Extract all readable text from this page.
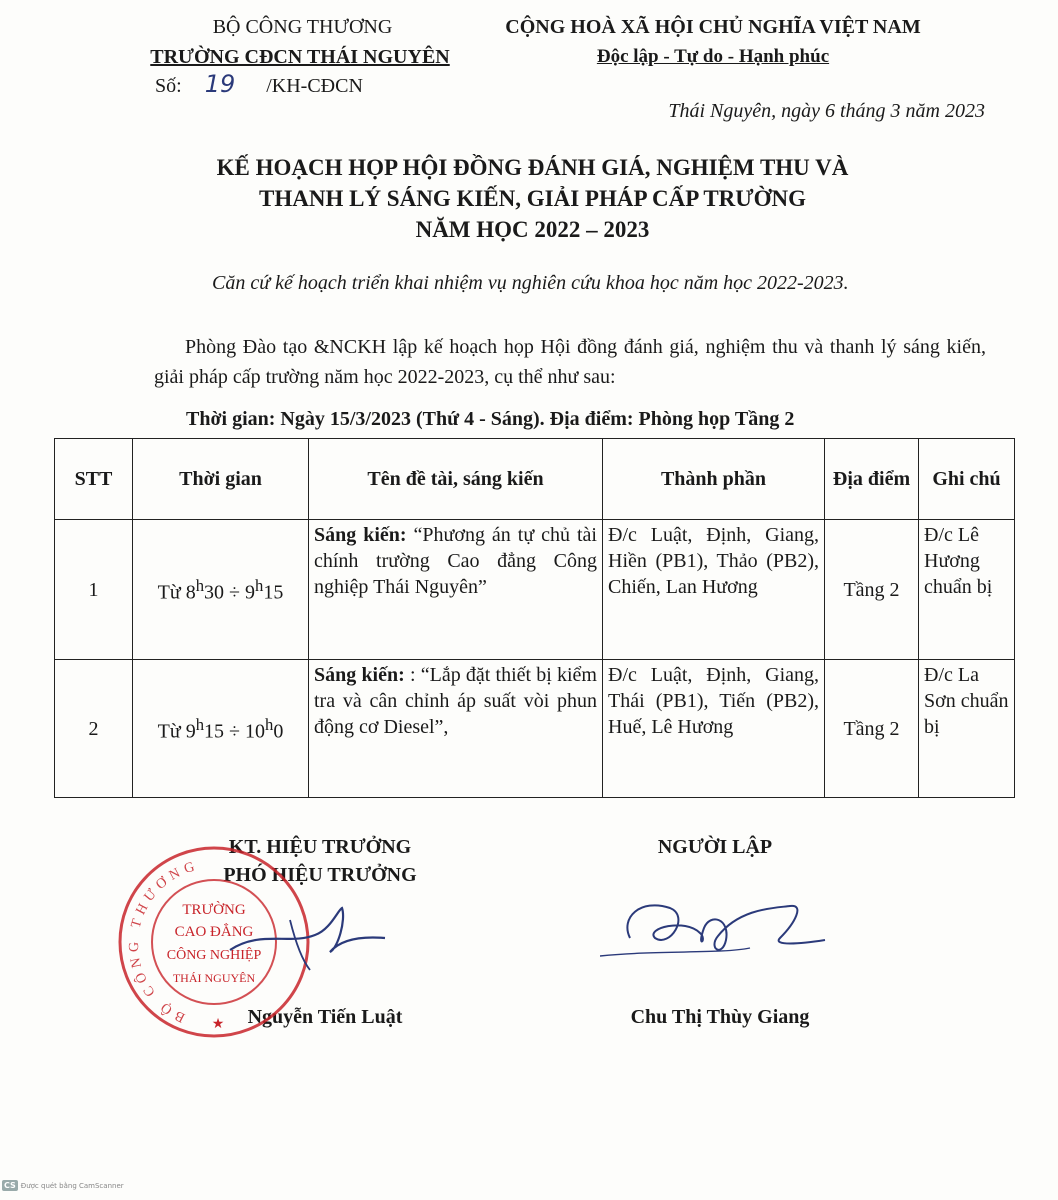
BỘ CÔNG THƯƠNG
TRƯỜNG CĐCN THÁI NGUYÊN
Số: 19 /KH-CĐCN
CỘNG HOÀ XÃ HỘI CHỦ NGHĨA VIỆT NAM
Độc lập - Tự do - Hạnh phúc
Thái Nguyên, ngày 6 tháng 3 năm 2023
KẾ HOẠCH HỌP HỘI ĐỒNG ĐÁNH GIÁ, NGHIỆM THU VÀ
THANH LÝ SÁNG KIẾN, GIẢI PHÁP CẤP TRƯỜNG
NĂM HỌC 2022 – 2023
Căn cứ kế hoạch triển khai nhiệm vụ nghiên cứu khoa học năm học 2022-2023.
Phòng Đào tạo &NCKH lập kế hoạch họp Hội đồng đánh giá, nghiệm thu và thanh lý sáng kiến, giải pháp cấp trường năm học 2022-2023, cụ thể như sau:
Thời gian: Ngày 15/3/2023 (Thứ 4 - Sáng). Địa điểm: Phòng họp Tầng 2
STT	Thời gian	Tên đề tài, sáng kiến	Thành phần	Địa điểm	Ghi chú
1	Từ $8^h30 \div 9^h15$	Sáng kiến: “Phương án tự chủ tài chính trường Cao đẳng Công nghiệp Thái Nguyên”	Đ/c Luật, Định, Giang, Hiền (PB1), Thảo (PB2), Chiến, Lan Hương	Tầng 2	Đ/c Lê Hương chuẩn bị
2	Từ $9^h15 \div 10^h0$	Sáng kiến: : “Lắp đặt thiết bị kiểm tra và cân chỉnh áp suất vòi phun động cơ Diesel”,	Đ/c Luật, Định, Giang, Thái (PB1), Tiến (PB2), Huế, Lê Hương	Tầng 2	Đ/c La Sơn chuẩn bị
KT. HIỆU TRƯỞNG
PHÓ HIỆU TRƯỞNG
Nguyễn Tiến Luật
BỘ CÔNG THƯƠNG
TRƯỜNG
CAO ĐẲNG
CÔNG NGHIỆP
THÁI NGUYÊN
★
NGƯỜI LẬP
Chu Thị Thùy Giang
CS Được quét bằng CamScanner
